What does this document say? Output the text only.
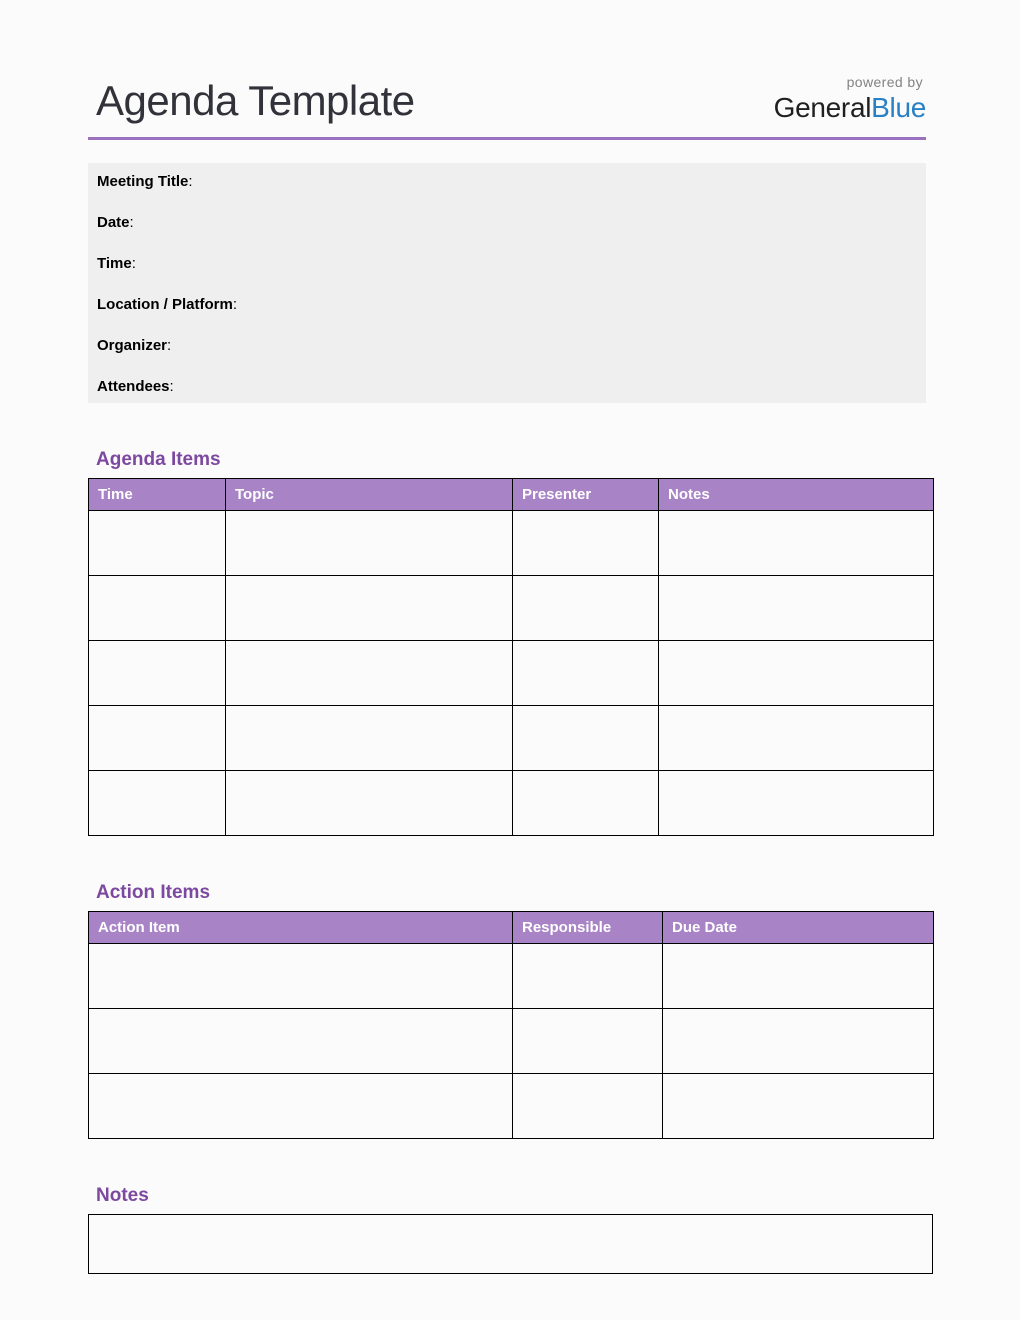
Agenda Template	powered by
GeneralBlue

Meeting Title:

Date:

Time:

Location / Platform:

Organizer:

Attendees:

Agenda Items
Time	Topic	Presenter	Notes

Action Items
Action Item	Responsible	Due Date

Notes
